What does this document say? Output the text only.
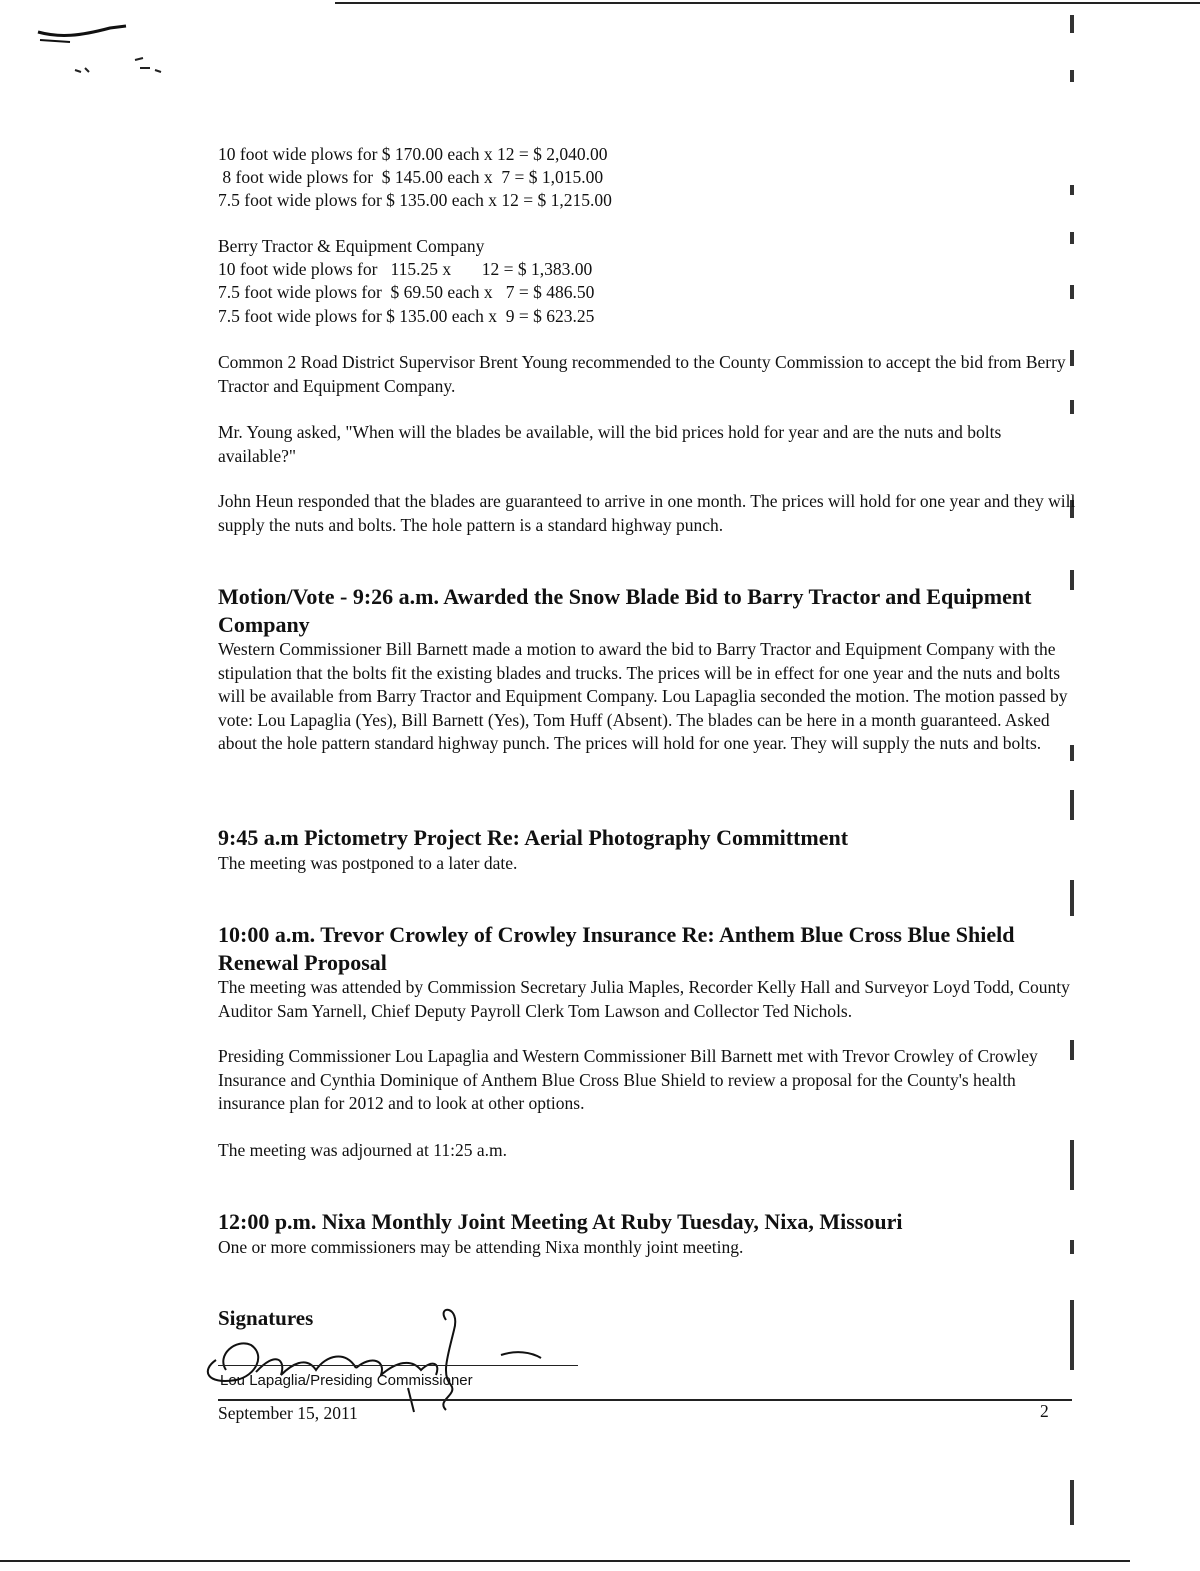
10 foot wide plows for $ 170.00 each x 12 = $ 2,040.00
8 foot wide plows for  $ 145.00 each x  7 = $ 1,015.00
7.5 foot wide plows for $ 135.00 each x 12 = $ 1,215.00
Berry Tractor & Equipment Company
10 foot wide plows for   115.25 x       12 = $ 1,383.00
7.5 foot wide plows for  $ 69.50 each x   7 = $ 486.50
7.5 foot wide plows for $ 135.00 each x  9 = $ 623.25
Common 2 Road District Supervisor Brent Young recommended to the County Commission to accept the bid from Berry Tractor and Equipment Company.
Mr. Young asked, "When will the blades be available, will the bid prices hold for year and are the nuts and bolts available?"
John Heun responded that the blades are guaranteed to arrive in one month. The prices will hold for one year and they will supply the nuts and bolts. The hole pattern is a standard highway punch.
Motion/Vote - 9:26 a.m. Awarded the Snow Blade Bid to Barry Tractor and Equipment Company
Western Commissioner Bill Barnett made a motion to award the bid to Barry Tractor and Equipment Company with the stipulation that the bolts fit the existing blades and trucks. The prices will be in effect for one year and the nuts and bolts will be available from Barry Tractor and Equipment Company. Lou Lapaglia seconded the motion. The motion passed by vote: Lou Lapaglia (Yes), Bill Barnett (Yes), Tom Huff (Absent). The blades can be here in a month guaranteed. Asked about the hole pattern standard highway punch. The prices will hold for one year. They will supply the nuts and bolts.
9:45 a.m Pictometry Project Re: Aerial Photography Committment
The meeting was postponed to a later date.
10:00 a.m. Trevor Crowley of Crowley Insurance Re: Anthem Blue Cross Blue Shield Renewal Proposal
The meeting was attended by Commission Secretary Julia Maples, Recorder Kelly Hall and Surveyor Loyd Todd, County Auditor Sam Yarnell, Chief Deputy Payroll Clerk Tom Lawson and Collector Ted Nichols.
Presiding Commissioner Lou Lapaglia and Western Commissioner Bill Barnett met with Trevor Crowley of Crowley Insurance and Cynthia Dominique of Anthem Blue Cross Blue Shield to review a proposal for the County's health insurance plan for 2012 and to look at other options.
The meeting was adjourned at 11:25 a.m.
12:00 p.m. Nixa Monthly Joint Meeting At Ruby Tuesday, Nixa, Missouri
One or more commissioners may be attending Nixa monthly joint meeting.
Signatures
Lou Lapaglia/Presiding Commissioner
September 15, 2011	2
